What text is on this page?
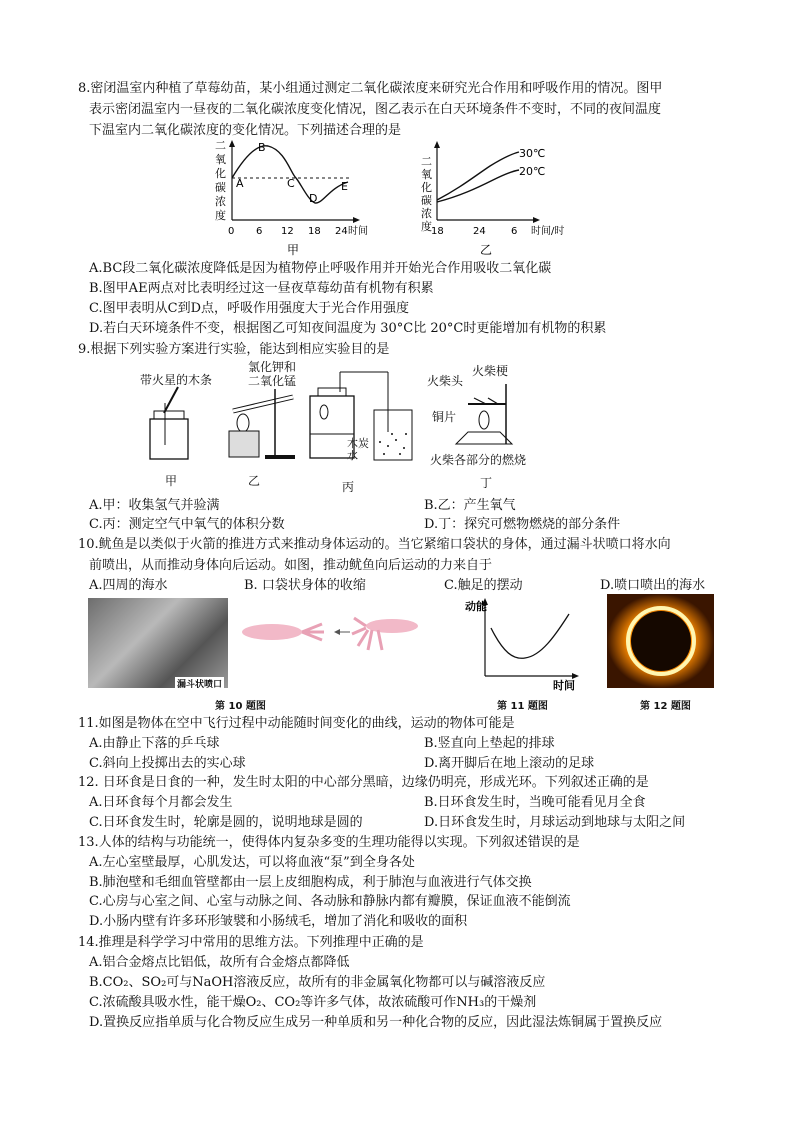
8.密闭温室内种植了草莓幼苗，某小组通过测定二氧化碳浓度来研究光合作用和呼吸作用的情况。图甲
表示密闭温室内一昼夜的二氧化碳浓度变化情况，图乙表示在白天环境条件不变时，不同的夜间温度
下温室内二氧化碳浓度的变化情况。下列描述合理的是
二
氧
化
碳
浓
度
A
B
C
D
E
0 6 12 18 24 时间
甲
二
氧
化
碳
浓
度
30℃
20℃
18	24	6 时间/时
乙
A.BC段二氧化碳浓度降低是因为植物停止呼吸作用并开始光合作用吸收二氧化碳
B.图甲AE两点对比表明经过这一昼夜草莓幼苗有机物有积累
C.图甲表明从C到D点，呼吸作用强度大于光合作用强度
D.若白天环境条件不变，根据图乙可知夜间温度为 30°C比 20°C时更能增加有机物的积累
9.根据下列实验方案进行实验，能达到相应实验目的是
带火星的木条
甲
氯化钾和
二氧化锰
乙
木炭
水
丙
火柴头
火柴梗
铜片
火柴各部分的燃烧
丁
A.甲：收集氢气并验满	B.乙：产生氧气
C.丙：测定空气中氧气的体积分数	D.丁：探究可燃物燃烧的部分条件
10.鱿鱼是以类似于火箭的推进方式来推动身体运动的。当它紧缩口袋状的身体，通过漏斗状喷口将水向
前喷出，从而推动身体向后运动。如图，推动鱿鱼向后运动的力来自于
A.四周的海水	B. 口袋状身体的收缩	C.触足的摆动	D.喷口喷出的海水
漏斗状喷口
第 10 题图
动能
时间
第 11 题图	第 12 题图
11.如图是物体在空中飞行过程中动能随时间变化的曲线，运动的物体可能是
A.由静止下落的乒乓球	B.竖直向上垫起的排球
C.斜向上投掷出去的实心球	D.离开脚后在地上滚动的足球
12. 日环食是日食的一种，发生时太阳的中心部分黑暗，边缘仍明亮，形成光环。下列叙述正确的是
A.日环食每个月都会发生	B.日环食发生时，当晚可能看见月全食
C.日环食发生时，轮廓是圆的，说明地球是圆的	D.日环食发生时，月球运动到地球与太阳之间
13.人体的结构与功能统一，使得体内复杂多变的生理功能得以实现。下列叙述错误的是
A.左心室壁最厚，心肌发达，可以将血液“泵”到全身各处
B.肺泡壁和毛细血管壁都由一层上皮细胞构成，利于肺泡与血液进行气体交换
C.心房与心室之间、心室与动脉之间、各动脉和静脉内都有瓣膜，保证血液不能倒流
D.小肠内壁有许多环形皱襞和小肠绒毛，增加了消化和吸收的面积
14.推理是科学学习中常用的思维方法。下列推理中正确的是
A.铝合金熔点比铝低，故所有合金熔点都降低
B.CO₂、SO₂可与NaOH溶液反应，故所有的非金属氧化物都可以与碱溶液反应
C.浓硫酸具吸水性，能干燥O₂、CO₂等许多气体，故浓硫酸可作NH₃的干燥剂
D.置换反应指单质与化合物反应生成另一种单质和另一种化合物的反应，因此湿法炼铜属于置换反应
